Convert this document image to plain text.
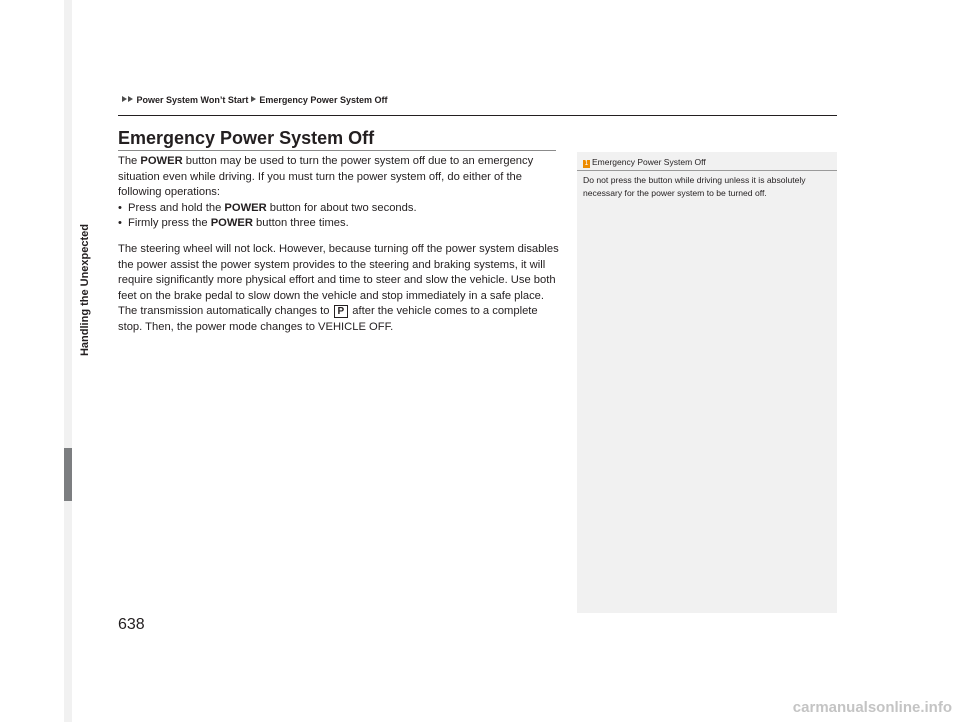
Handling the Unexpected
Power System Won’t Start Emergency Power System Off
Emergency Power System Off

The POWER button may be used to turn the power system off due to an emergency situation even while driving. If you must turn the power system off, do either of the following operations:

• Press and hold the POWER button for about two seconds.
• Firmly press the POWER button three times.

The steering wheel will not lock. However, because turning off the power system disables the power assist the power system provides to the steering and braking systems, it will require significantly more physical effort and time to steer and slow the vehicle. Use both feet on the brake pedal to slow down the vehicle and stop immediately in a safe place.

The transmission automatically changes to P after the vehicle comes to a complete stop. Then, the power mode changes to VEHICLE OFF.

1 Emergency Power System Off
Do not press the button while driving unless it is absolutely necessary for the power system to be turned off.
638
carmanualsonline.info
